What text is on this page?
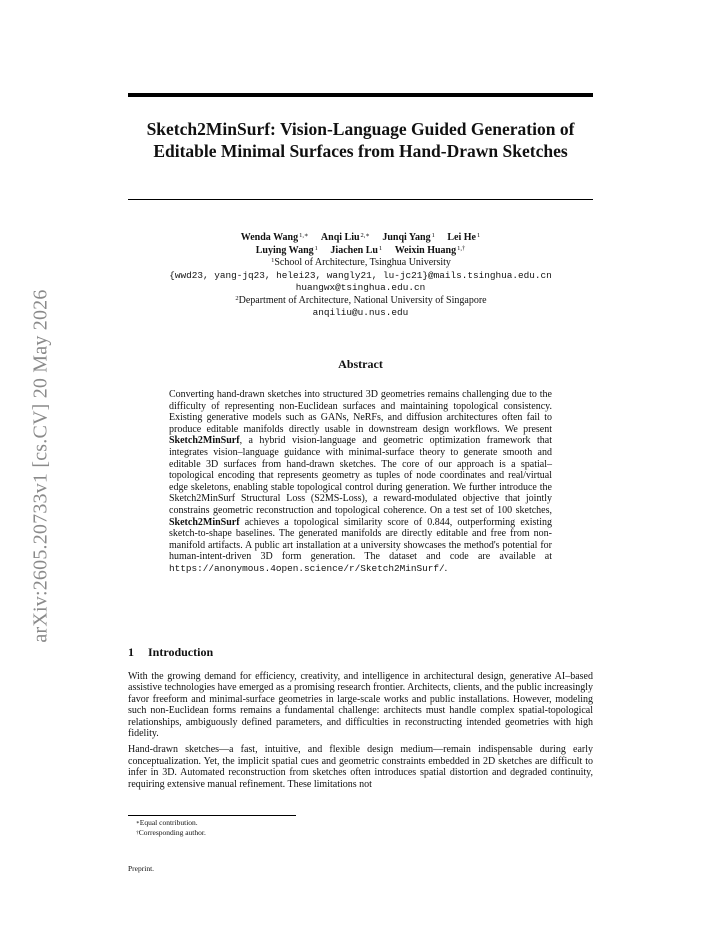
arXiv:2605.20733v1 [cs.CV] 20 May 2026
Sketch2MinSurf: Vision-Language Guided Generation of Editable Minimal Surfaces from Hand-Drawn Sketches
Wenda Wang$^{1,∗}$ Anqi Liu$^{2,∗}$ Junqi Yang$^1$ Lei He$^1$
Luying Wang$^1$ Jiachen Lu$^1$ Weixin Huang$^{1,\dagger}$
$^1$School of Architecture, Tsinghua University
{wwd23, yang-jq23, helei23, wangly21, lu-jc21}@mails.tsinghua.edu.cn
huangwx@tsinghua.edu.cn
$^2$Department of Architecture, National University of Singapore
anqiliu@u.nus.edu
Abstract
Converting hand-drawn sketches into structured 3D geometries remains challenging due to the difficulty of representing non-Euclidean surfaces and maintaining topological consistency. Existing generative models such as GANs, NeRFs, and diffusion architectures often fail to produce editable manifolds directly usable in downstream design workflows. We present Sketch2MinSurf, a hybrid vision-language and geometric optimization framework that integrates vision–language guidance with minimal-surface theory to generate smooth and editable 3D surfaces from hand-drawn sketches. The core of our approach is a spatial–topological encoding that represents geometry as tuples of node coordinates and real/virtual edge skeletons, enabling stable topological control during generation. We further introduce the Sketch2MinSurf Structural Loss (S2MS-Loss), a reward-modulated objective that jointly constrains geometric reconstruction and topological coherence. On a test set of 100 sketches, Sketch2MinSurf achieves a topological similarity score of 0.844, outperforming existing sketch-to-shape baselines. The generated manifolds are directly editable and free from non-manifold artifacts. A public art installation at a university showcases the method's potential for human-intent-driven 3D form generation. The dataset and code are available at https://anonymous.4open.science/r/Sketch2MinSurf/.
1 Introduction

With the growing demand for efficiency, creativity, and intelligence in architectural design, generative AI–based assistive technologies have emerged as a promising research frontier. Architects, clients, and the public increasingly favor freeform and minimal-surface geometries in large-scale works and public installations. However, modeling such non-Euclidean forms remains a fundamental challenge: architects must handle complex spatial-topological relationships, ambiguously defined parameters, and difficulties in reconstructing intended geometries with high fidelity.

Hand-drawn sketches—a fast, intuitive, and flexible design medium—remain indispensable during early conceptualization. Yet, the implicit spatial cues and geometric constraints embedded in 2D sketches are difficult to infer in 3D. Automated reconstruction from sketches often introduces spatial distortion and degraded continuity, requiring extensive manual refinement. These limitations not

∗Equal contribution.
†Corresponding author.
Preprint.
